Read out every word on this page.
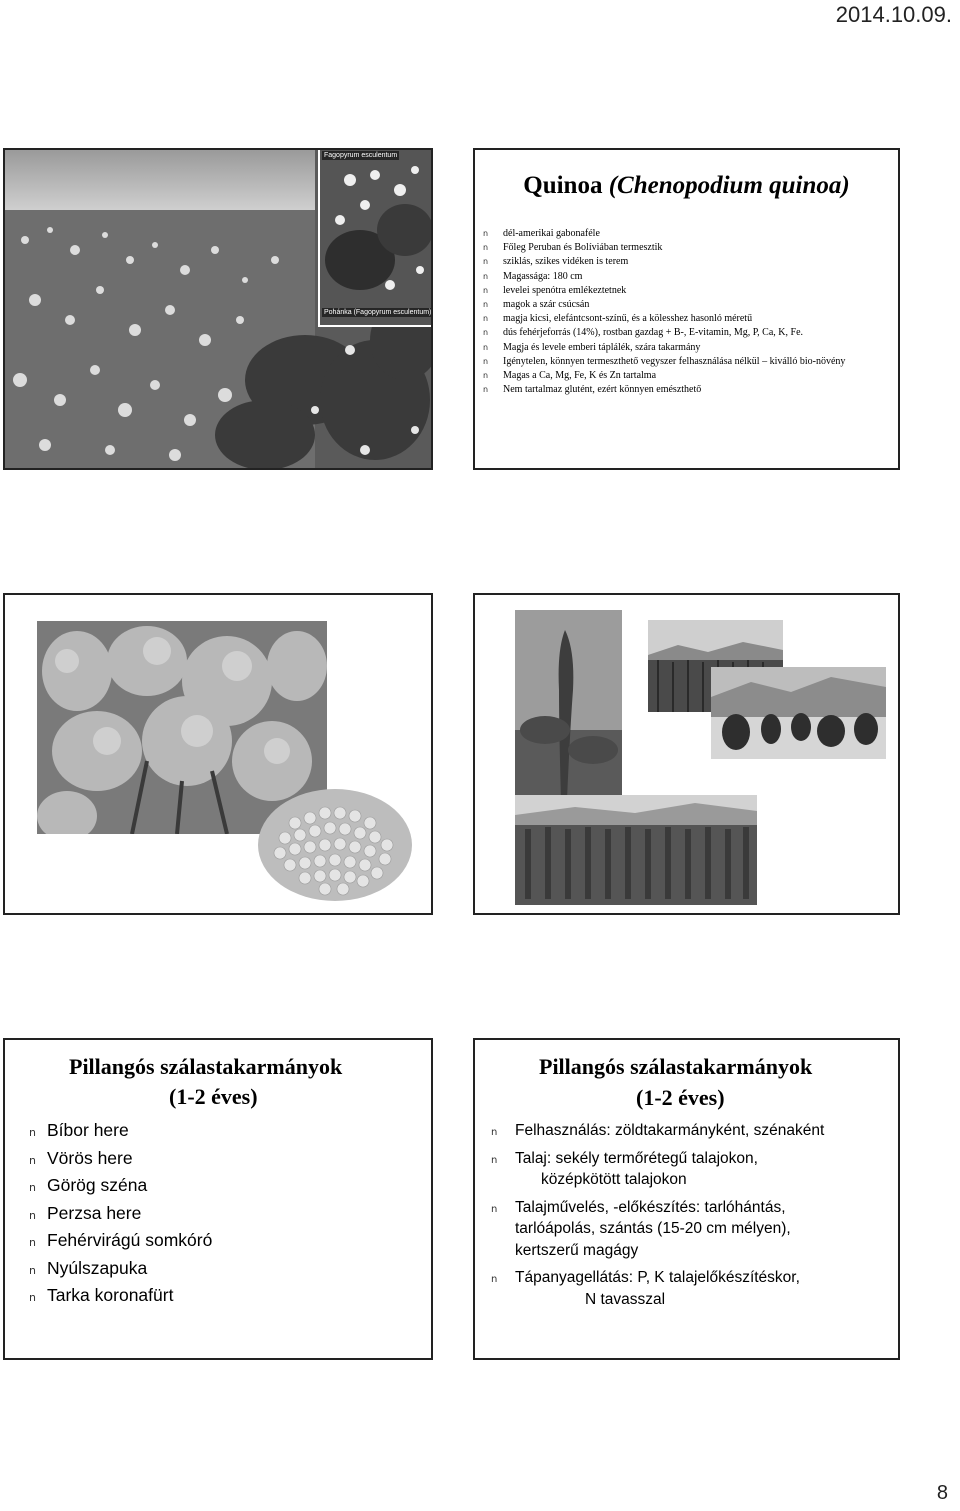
2014.10.09.
Fagopyrum esculentum
Pohánka (Fagopyrum esculentum)
Quinoa (Chenopodium quinoa)
n dél-amerikai gabonaféle
n Főleg Peruban és Bolíviában termesztik
n sziklás, szikes vidéken is terem
n Magassága: 180 cm
n levelei spenótra emlékeztetnek
n magok a szár csúcsán
n magja kicsi, elefántcsont-színű, és a kölesshez hasonló méretű
n dús fehérjeforrás (14%), rostban gazdag + B-, E-vitamin, Mg, P, Ca, K, Fe.
n Magja és levele emberi táplálék, szára takarmány
n Igénytelen, könnyen termeszthető vegyszer felhasználása nélkül – kiválló bio-növény
n Magas a Ca, Mg, Fe, K és Zn tartalma
n Nem tartalmaz glutént, ezért könnyen emészthető
Pillangós szálastakarmányok
(1-2 éves)
n Bíbor here
n Vörös here
n Görög széna
n Perzsa here
n Fehérvirágú somkóró
n Nyúlszapuka
n Tarka koronafürt
Pillangós szálastakarmányok
(1-2 éves)
n Felhasználás: zöldtakarmányként, szénaként
n Talaj: sekély termőrétegű talajokon,
középkötött talajokon
n Talajművelés, -előkészítés: tarlóhántás,
tarlóápolás, szántás (15-20 cm mélyen), kertszerű magágy
n Tápanyagellátás: P, K talajelőkészítéskor,
N tavasszal
8
